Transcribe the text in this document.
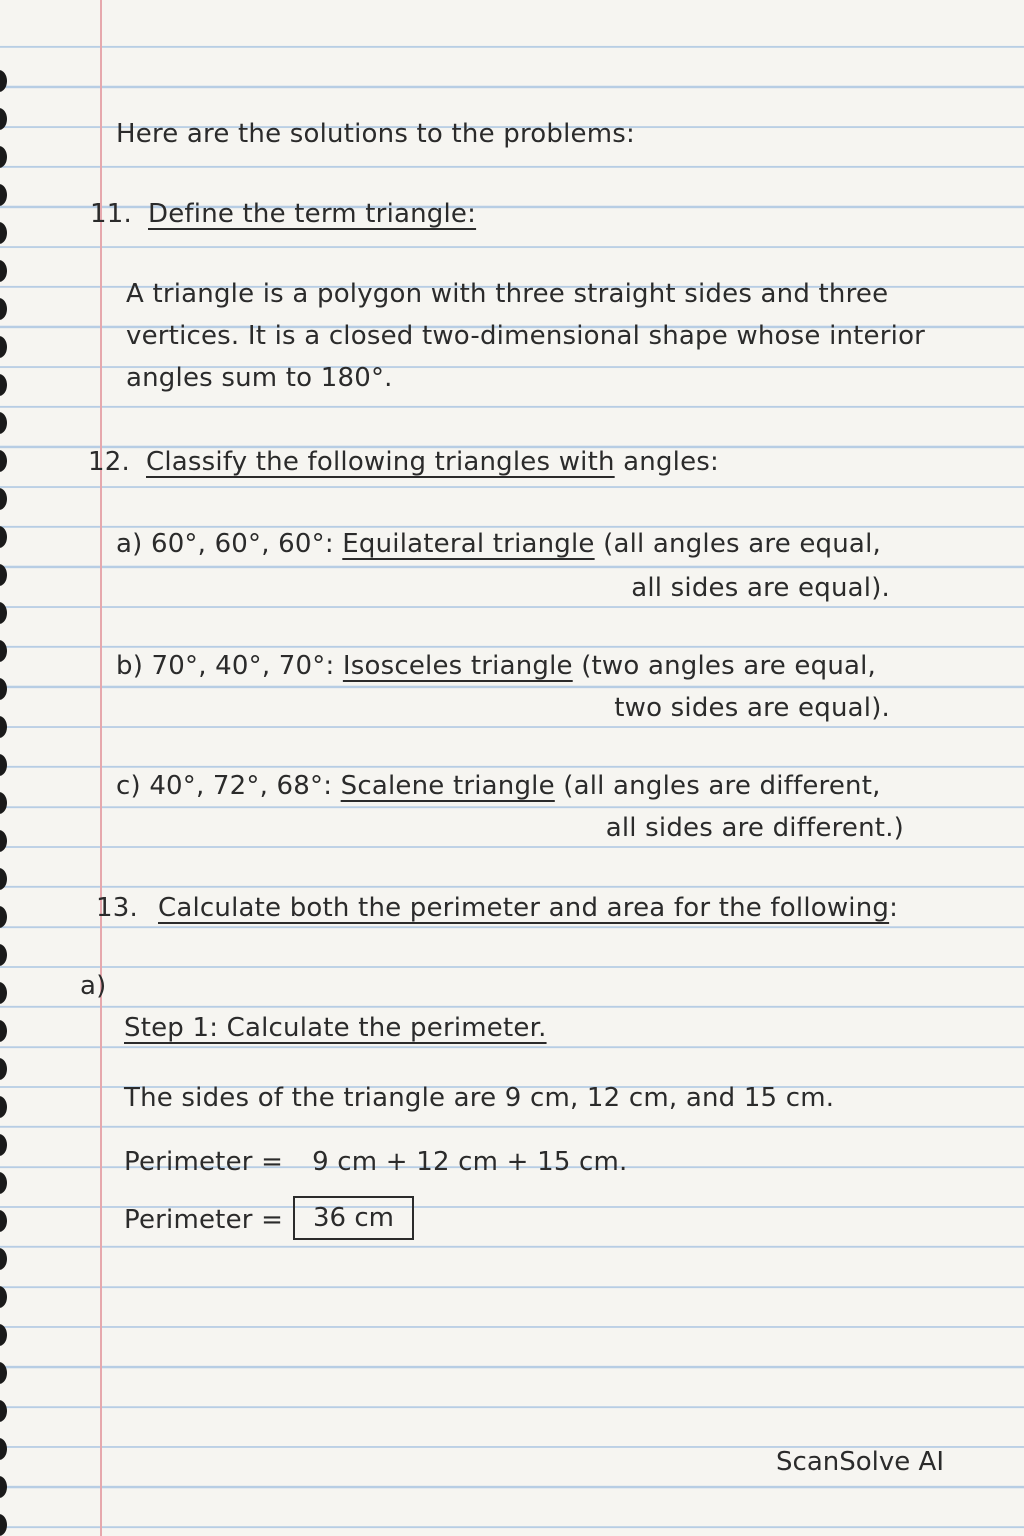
Here are the solutions to the problems:
11. Define the term triangle:
A triangle is a polygon with three straight sides and three
vertices. It is a closed two-dimensional shape whose interior
angles sum to 180°.
12. Classify the following triangles with angles:
a) 60°, 60°, 60°: Equilateral triangle (all angles are equal,
all sides are equal).
b) 70°, 40°, 70°: Isosceles triangle (two angles are equal,
two sides are equal).
c) 40°, 72°, 68°: Scalene triangle (all angles are different,
all sides are different.)
13. Calculate both the perimeter and area for the following:
a)
Step 1: Calculate the perimeter.
The sides of the triangle are 9 cm, 12 cm, and 15 cm.
Perimeter = 9 cm + 12 cm + 15 cm.
Perimeter =	36 cm
ScanSolve AI
